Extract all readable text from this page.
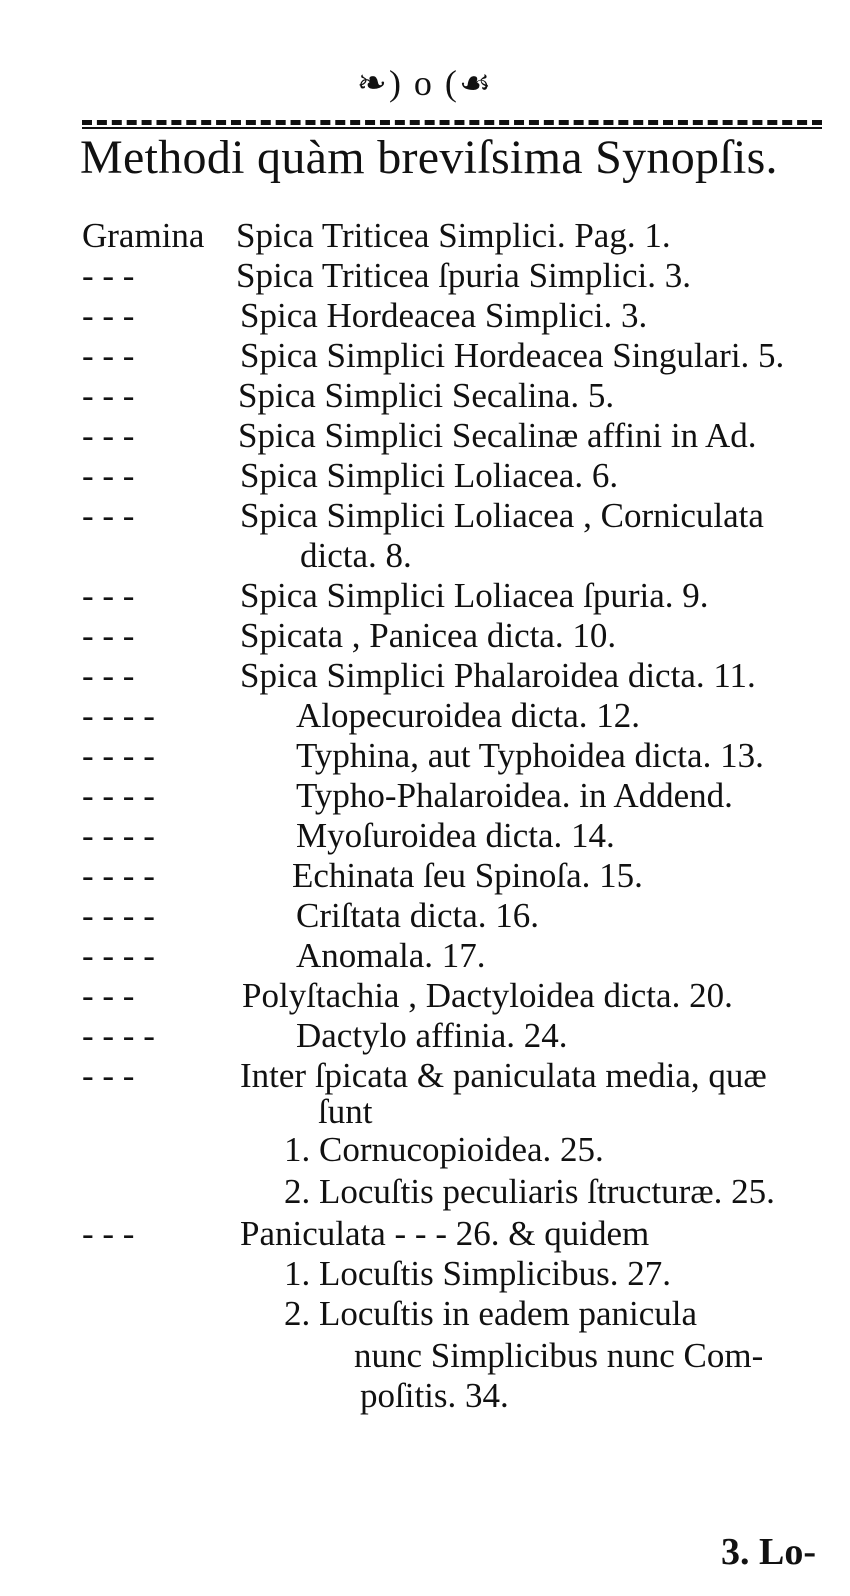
❧) o (☙
Methodi quàm breviſsima Synopſis.
Gramina Spica Triticea Simplici. Pag. 1.
- - -	Spica Triticea ſpuria Simplici. 3.
- - -	Spica Hordeacea Simplici. 3.
- - -	Spica Simplici Hordeacea Singulari. 5.
- - -	Spica Simplici Secalina. 5.
- - -	Spica Simplici Secalinæ affini in Ad.
- - -	Spica Simplici Loliacea. 6.
- - -	Spica Simplici Loliacea , Corniculata
dicta. 8.
- - -	Spica Simplici Loliacea ſpuria. 9.
- - -	Spicata , Panicea dicta. 10.
- - -	Spica Simplici Phalaroidea dicta. 11.
- - - -	Alopecuroidea dicta. 12.
- - - -	Typhina, aut Typhoidea dicta. 13.
- - - -	Typho-Phalaroidea. in Addend.
- - - -	Myoſuroidea dicta. 14.
- - - -	Echinata ſeu Spinoſa. 15.
- - - -	Criſtata dicta. 16.
- - - -	Anomala. 17.
- - -	Polyſtachia , Dactyloidea dicta. 20.
- - - -	Dactylo affinia. 24.
- - -	Inter ſpicata & paniculata media, quæ
ſunt
1. Cornucopioidea. 25.
2. Locuſtis peculiaris ſtructuræ. 25.
- - -	Paniculata - - - 26. & quidem
1. Locuſtis Simplicibus. 27.
2. Locuſtis in eadem panicula
nunc Simplicibus nunc Com-
poſitis. 34.
3. Lo-
